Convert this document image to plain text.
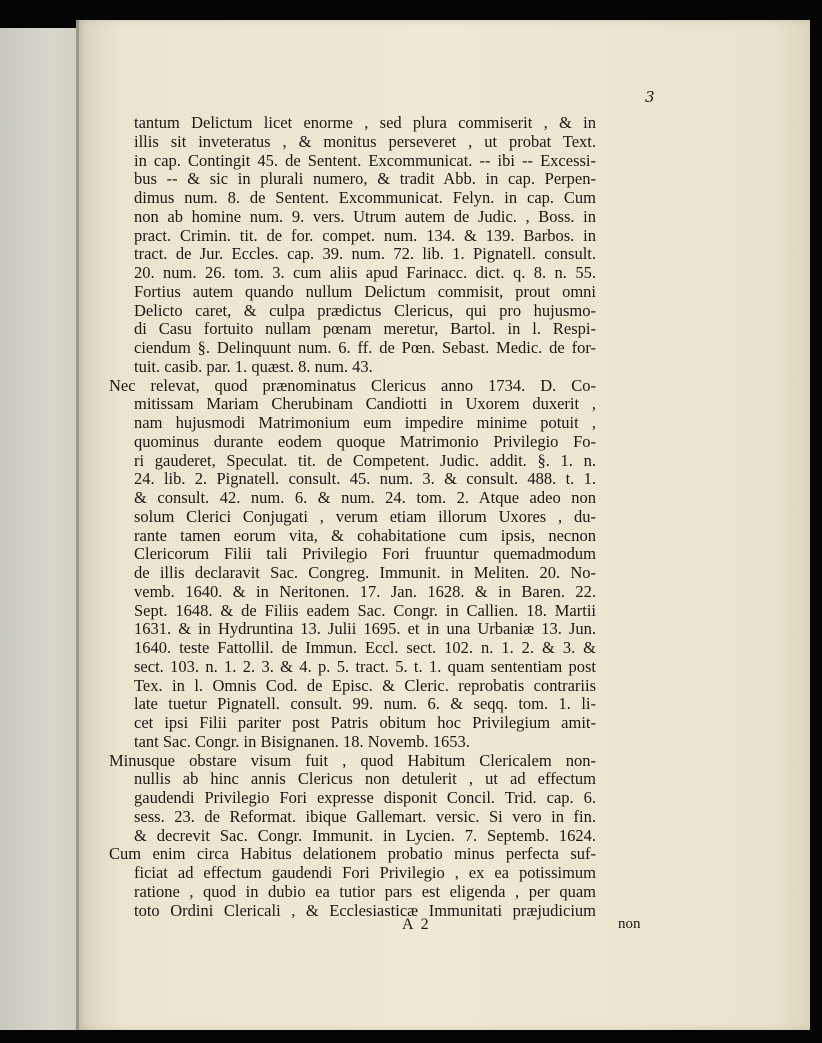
3
tantum Delictum licet enorme , sed plura commiserit , & in
illis sit inveteratus , & monitus perseveret , ut probat Text.
in cap. Contingit 45. de Sentent. Excommunicat. -- ibi -- Excessi-
bus -- & sic in plurali numero, & tradit Abb. in cap. Perpen-
dimus num. 8. de Sentent. Excommunicat. Felyn. in cap. Cum
non ab homine num. 9. vers. Utrum autem de Judic. , Boss. in
pract. Crimin. tit. de for. compet. num. 134. & 139. Barbos. in
tract. de Jur. Eccles. cap. 39. num. 72. lib. 1. Pignatell. consult.
20. num. 26. tom. 3. cum aliis apud Farinacc. dict. q. 8. n. 55.
Fortius autem quando nullum Delictum commisit, prout omni
Delicto caret, & culpa prædictus Clericus, qui pro hujusmo-
di Casu fortuito nullam pœnam meretur, Bartol. in l. Respi-
ciendum §. Delinquunt num. 6. ff. de Pœn. Sebast. Medic. de for-
tuit. casib. par. 1. quæst. 8. num. 43.
Nec relevat, quod prænominatus Clericus anno 1734. D. Co-
mitissam Mariam Cherubinam Candiotti in Uxorem duxerit ,
nam hujusmodi Matrimonium eum impedire minime potuit ,
quominus durante eodem quoque Matrimonio Privilegio Fo-
ri gauderet, Speculat. tit. de Competent. Judic. addit. §. 1. n.
24. lib. 2. Pignatell. consult. 45. num. 3. & consult. 488. t. 1.
& consult. 42. num. 6. & num. 24. tom. 2. Atque adeo non
solum Clerici Conjugati , verum etiam illorum Uxores , du-
rante tamen eorum vita, & cohabitatione cum ipsis, necnon
Clericorum Filii tali Privilegio Fori fruuntur quemadmodum
de illis declaravit Sac. Congreg. Immunit. in Meliten. 20. No-
vemb. 1640. & in Neritonen. 17. Jan. 1628. & in Baren. 22.
Sept. 1648. & de Filiis eadem Sac. Congr. in Callien. 18. Martii
1631. & in Hydruntina 13. Julii 1695. et in una Urbaniæ 13. Jun.
1640. teste Fattollil. de Immun. Eccl. sect. 102. n. 1. 2. & 3. &
sect. 103. n. 1. 2. 3. & 4. p. 5. tract. 5. t. 1. quam sententiam post
Tex. in l. Omnis Cod. de Episc. & Cleric. reprobatis contrariis
late tuetur Pignatell. consult. 99. num. 6. & seqq. tom. 1. li-
cet ipsi Filii pariter post Patris obitum hoc Privilegium amit-
tant Sac. Congr. in Bisignanen. 18. Novemb. 1653.
Minusque obstare visum fuit , quod Habitum Clericalem non-
nullis ab hinc annis Clericus non detulerit , ut ad effectum
gaudendi Privilegio Fori expresse disponit Concil. Trid. cap. 6.
sess. 23. de Reformat. ibique Gallemart. versic. Si vero in fin.
& decrevit Sac. Congr. Immunit. in Lycien. 7. Septemb. 1624.
Cum enim circa Habitus delationem probatio minus perfecta suf-
ficiat ad effectum gaudendi Fori Privilegio , ex ea potissimum
ratione , quod in dubio ea tutior pars est eligenda , per quam
toto Ordini Clericali , & Ecclesiasticæ Immunitati præjudicium
A 2	non
